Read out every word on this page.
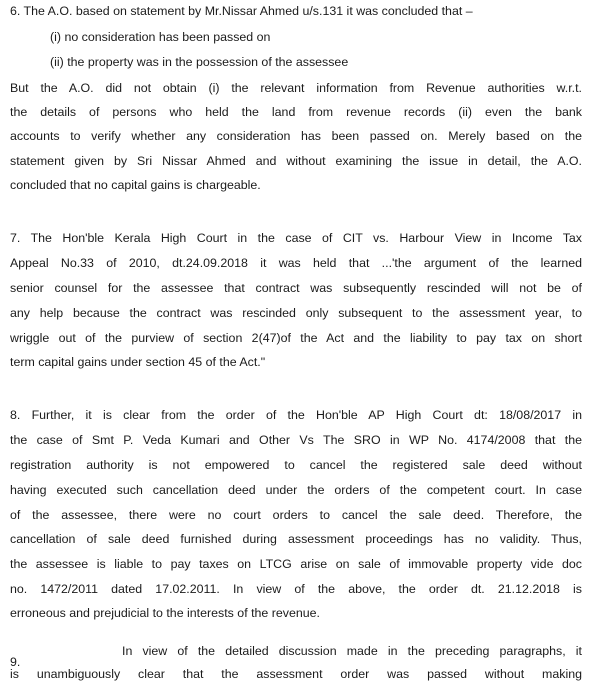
6. The A.O. based on statement by Mr.Nissar Ahmed u/s.131 it was concluded that –
(i) no consideration has been passed on
(ii) the property was in the possession of the assessee
But the A.O. did not obtain (i) the relevant information from Revenue authorities w.r.t.
the details of persons who held the land from revenue records (ii) even the bank
accounts to verify whether any consideration has been passed on. Merely based on the
statement given by Sri Nissar Ahmed and without examining the issue in detail, the A.O.
concluded that no capital gains is chargeable.
7. The Hon'ble Kerala High Court in the case of CIT vs. Harbour View in Income Tax
Appeal No.33 of 2010, dt.24.09.2018 it was held that ...'the argument of the learned
senior counsel for the assessee that contract was subsequently rescinded will not be of
any help because the contract was rescinded only subsequent to the assessment year, to
wriggle out of the purview of section 2(47)of the Act and the liability to pay tax on short
term capital gains under section 45 of the Act."
8. Further, it is clear from the order of the Hon'ble AP High Court dt: 18/08/2017 in
the case of Smt P. Veda Kumari and Other Vs The SRO in WP No. 4174/2008 that the
registration authority is not empowered to cancel the registered sale deed without
having executed such cancellation deed under the orders of the competent court. In case
of the assessee, there were no court orders to cancel the sale deed. Therefore, the
cancellation of sale deed furnished during assessment proceedings has no validity. Thus,
the assessee is liable to pay taxes on LTCG arise on sale of immovable property vide doc
no. 1472/2011 dated 17.02.2011. In view of the above, the order dt. 21.12.2018 is
erroneous and prejudicial to the interests of the revenue.
In view of the detailed discussion made in the preceding paragraphs, it
9.
is unambiguously clear that the assessment order was passed without making
